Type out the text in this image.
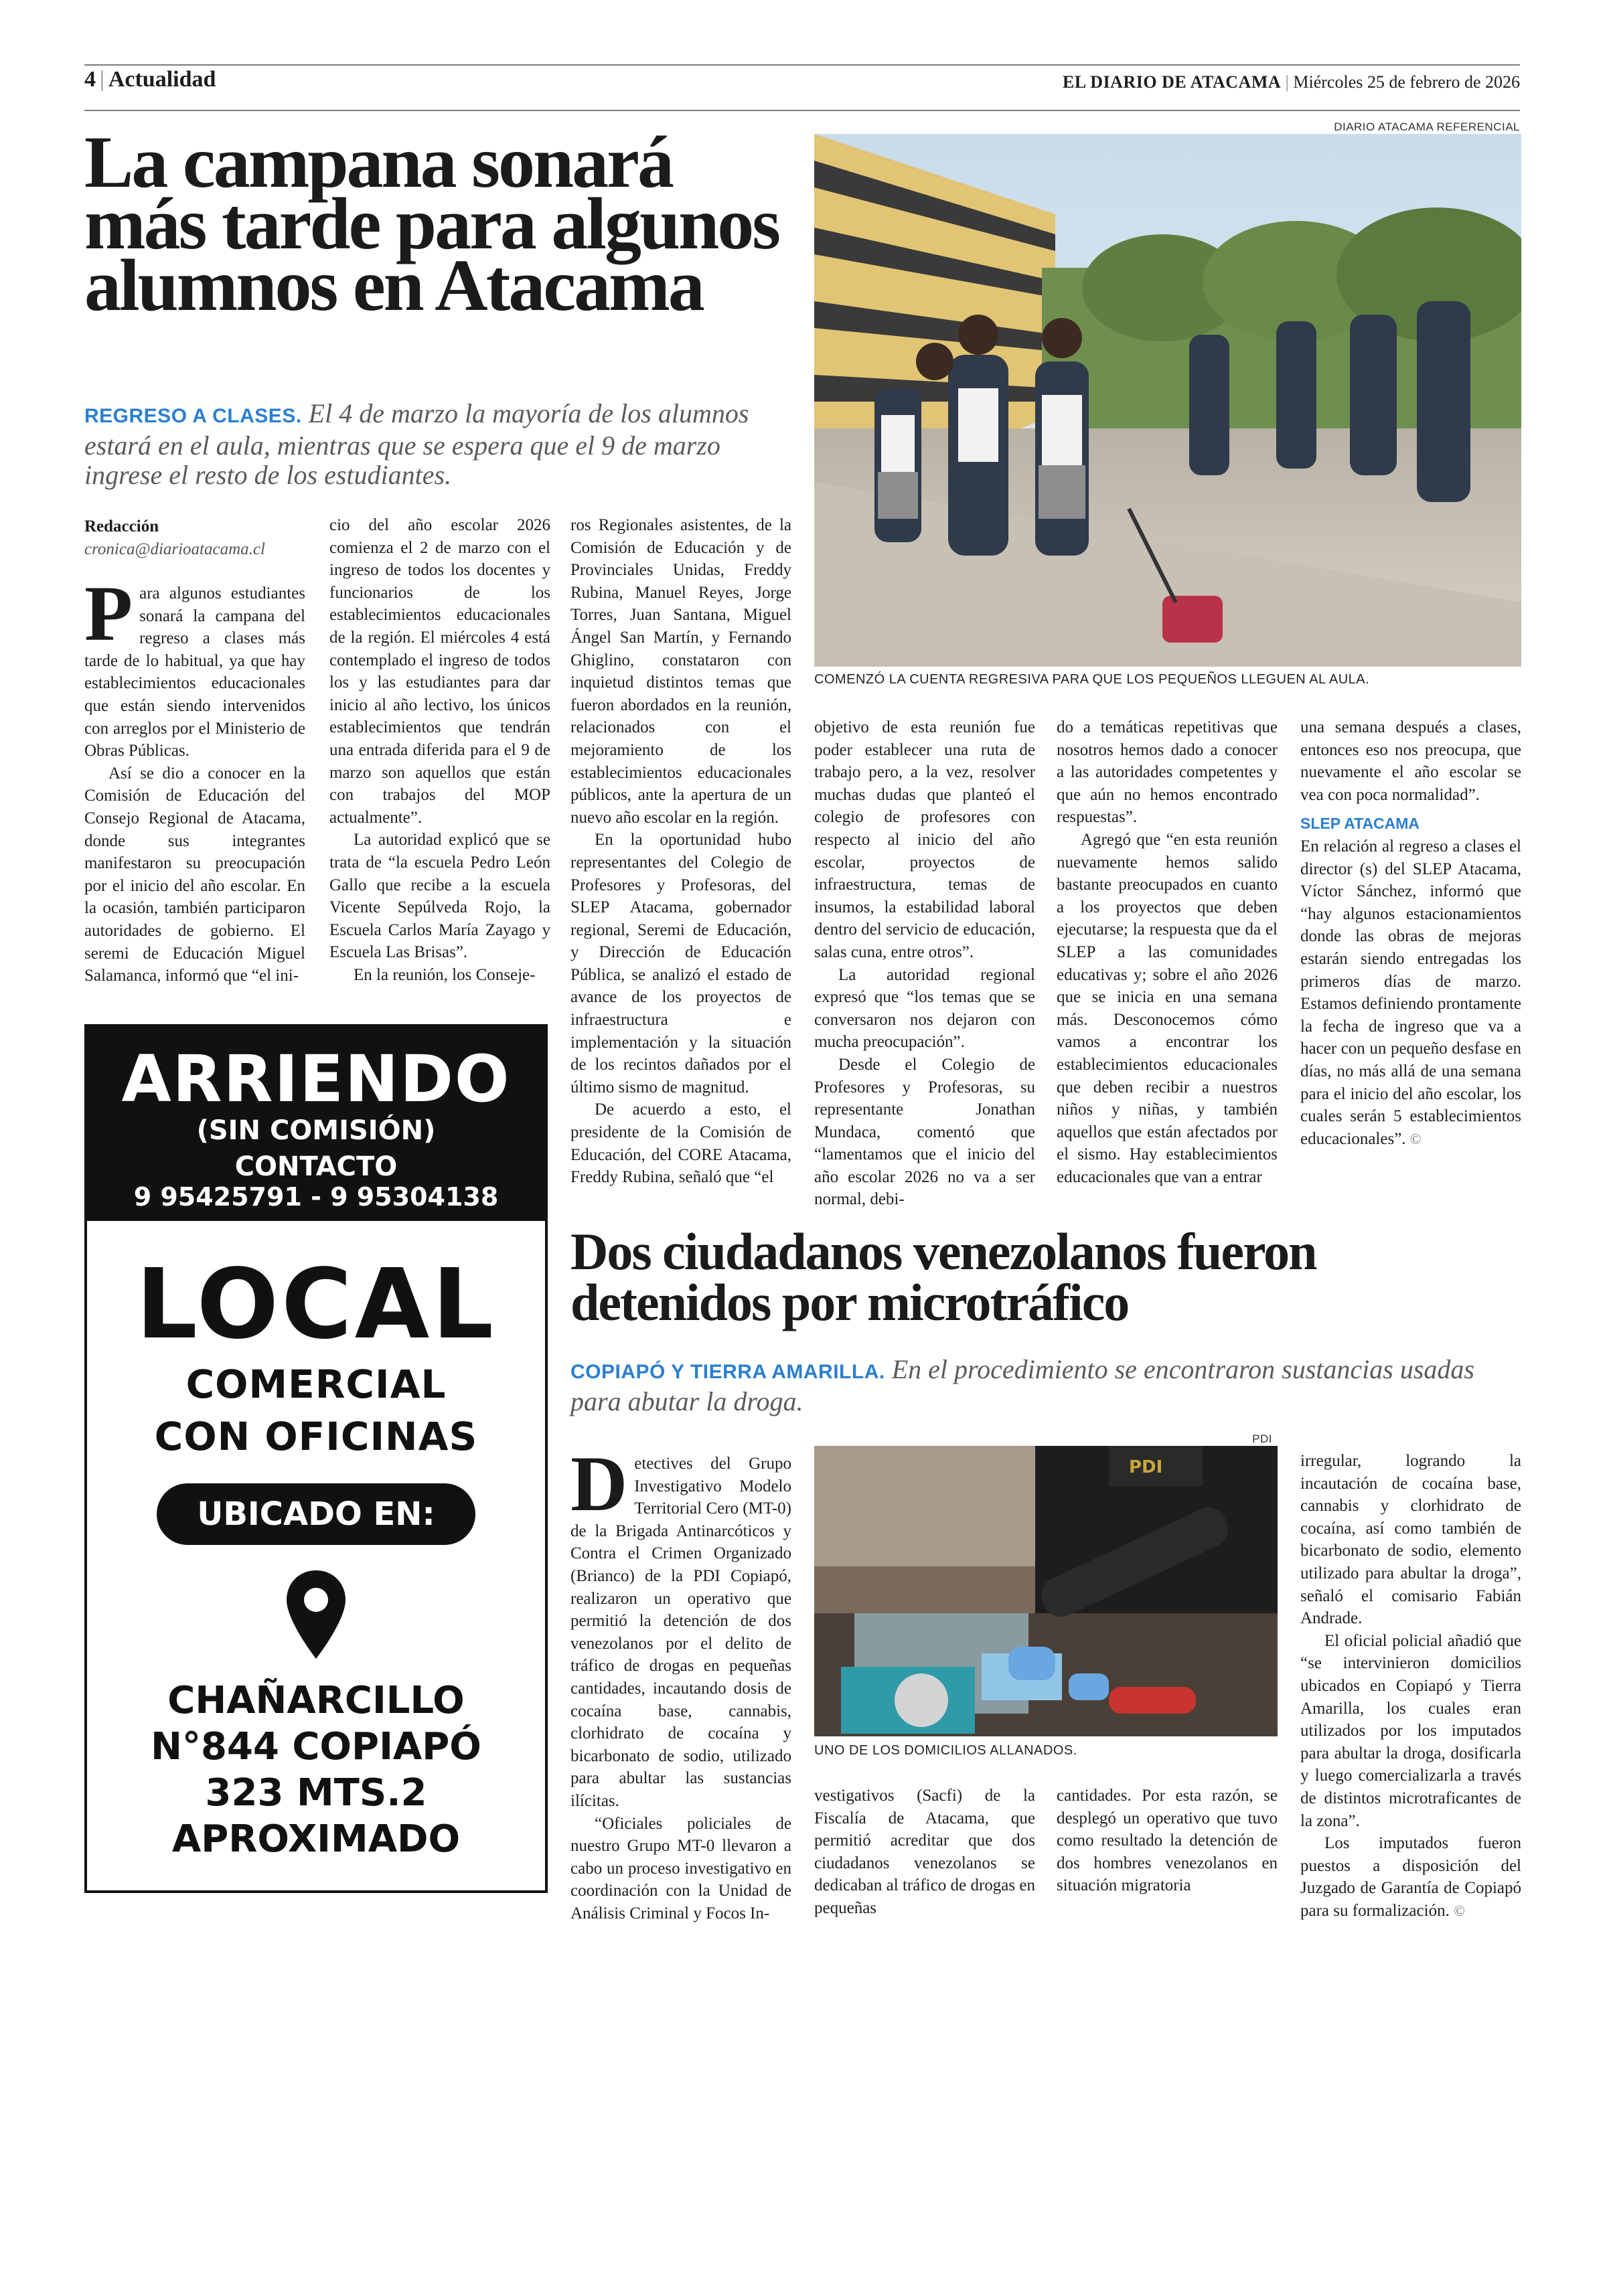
4 | Actualidad	EL DIARIO DE ATACAMA | Miércoles 25 de febrero de 2026
La campana sonará más tarde para algunos alumnos en Atacama
REGRESO A CLASES. El 4 de marzo la mayoría de los alumnos estará en el aula, mientras que se espera que el 9 de marzo ingrese el resto de los estudiantes.
DIARIO ATACAMA REFERENCIAL
COMENZÓ LA CUENTA REGRESIVA PARA QUE LOS PEQUEÑOS LLEGUEN AL AULA.
Redacción
cronica@diarioatacama.cl

Para algunos estudiantes sonará la campana del regreso a clases más tarde de lo habitual, ya que hay establecimientos educacionales que están siendo intervenidos con arreglos por el Ministerio de Obras Públicas.

Así se dio a conocer en la Comisión de Educación del Consejo Regional de Atacama, donde sus integrantes manifestaron su preocupación por el inicio del año escolar. En la ocasión, también participaron autoridades de gobierno. El seremi de Educación Miguel Salamanca, informó que “el ini-

cio del año escolar 2026 comienza el 2 de marzo con el ingreso de todos los docentes y funcionarios de los establecimientos educacionales de la región. El miércoles 4 está contemplado el ingreso de todos los y las estudiantes para dar inicio al año lectivo, los únicos establecimientos que tendrán una entrada diferida para el 9 de marzo son aquellos que están con trabajos del MOP actualmente”.

La autoridad explicó que se trata de “la escuela Pedro León Gallo que recibe a la escuela Vicente Sepúlveda Rojo, la Escuela Carlos María Zayago y Escuela Las Brisas”.

En la reunión, los Conseje-

ros Regionales asistentes, de la Comisión de Educación y de Provinciales Unidas, Freddy Rubina, Manuel Reyes, Jorge Torres, Juan Santana, Miguel Ángel San Martín, y Fernando Ghiglino, constataron con inquietud distintos temas que fueron abordados en la reunión, relacionados con el mejoramiento de los establecimientos educacionales públicos, ante la apertura de un nuevo año escolar en la región.

En la oportunidad hubo representantes del Colegio de Profesores y Profesoras, del SLEP Atacama, gobernador regional, Seremi de Educación, y Dirección de Educación Pública, se analizó el estado de avance de los proyectos de infraestructura e implementación y la situación de los recintos dañados por el último sismo de magnitud.

De acuerdo a esto, el presidente de la Comisión de Educación, del CORE Atacama, Freddy Rubina, señaló que “el

objetivo de esta reunión fue poder establecer una ruta de trabajo pero, a la vez, resolver muchas dudas que planteó el colegio de profesores con respecto al inicio del año escolar, proyectos de infraestructura, temas de insumos, la estabilidad laboral dentro del servicio de educación, salas cuna, entre otros”.

La autoridad regional expresó que “los temas que se conversaron nos dejaron con mucha preocupación”.

Desde el Colegio de Profesores y Profesoras, su representante Jonathan Mundaca, comentó que “lamentamos que el inicio del año escolar 2026 no va a ser normal, debi-

do a temáticas repetitivas que nosotros hemos dado a conocer a las autoridades competentes y que aún no hemos encontrado respuestas”.

Agregó que “en esta reunión nuevamente hemos salido bastante preocupados en cuanto a los proyectos que deben ejecutarse; la respuesta que da el SLEP a las comunidades educativas y; sobre el año 2026 que se inicia en una semana más. Desconocemos cómo vamos a encontrar los establecimientos educacionales que deben recibir a nuestros niños y niñas, y también aquellos que están afectados por el sismo. Hay establecimientos educacionales que van a entrar

una semana después a clases, entonces eso nos preocupa, que nuevamente el año escolar se vea con poca normalidad”.

SLEP ATACAMA

En relación al regreso a clases el director (s) del SLEP Atacama, Víctor Sánchez, informó que “hay algunos estacionamientos donde las obras de mejoras estarán siendo entregadas los primeros días de marzo. Estamos definiendo prontamente la fecha de ingreso que va a hacer con un pequeño desfase en días, no más allá de una semana para el inicio del año escolar, los cuales serán 5 establecimientos educacionales”. ©

ARRIENDO
(SIN COMISIÓN)
CONTACTO
9 95425791 - 9 95304138
LOCAL
COMERCIAL
CON OFICINAS
UBICADO EN:
CHAÑARCILLO
N°844 COPIAPÓ
323 MTS.2
APROXIMADO
Dos ciudadanos venezolanos fueron detenidos por microtráfico
COPIAPÓ Y TIERRA AMARILLA. En el procedimiento se encontraron sustancias usadas para abutar la droga.
PDI
PDI
UNO DE LOS DOMICILIOS ALLANADOS.

Detectives del Grupo Investigativo Modelo Territorial Cero (MT-0) de la Brigada Antinarcóticos y Contra el Crimen Organizado (Brianco) de la PDI Copiapó, realizaron un operativo que permitió la detención de dos venezolanos por el delito de tráfico de drogas en pequeñas cantidades, incautando dosis de cocaína base, cannabis, clorhidrato de cocaína y bicarbonato de sodio, utilizado para abultar las sustancias ilícitas.

“Oficiales policiales de nuestro Grupo MT-0 llevaron a cabo un proceso investigativo en coordinación con la Unidad de Análisis Criminal y Focos In-

vestigativos (Sacfi) de la Fiscalía de Atacama, que permitió acreditar que dos ciudadanos venezolanos se dedicaban al tráfico de drogas en pequeñas

cantidades. Por esta razón, se desplegó un operativo que tuvo como resultado la detención de dos hombres venezolanos en situación migratoria

irregular, logrando la incautación de cocaína base, cannabis y clorhidrato de cocaína, así como también de bicarbonato de sodio, elemento utilizado para abultar la droga”, señaló el comisario Fabián Andrade.

El oficial policial añadió que “se intervinieron domicilios ubicados en Copiapó y Tierra Amarilla, los cuales eran utilizados por los imputados para abultar la droga, dosificarla y luego comercializarla a través de distintos microtraficantes de la zona”.

Los imputados fueron puestos a disposición del Juzgado de Garantía de Copiapó para su formalización. ©
